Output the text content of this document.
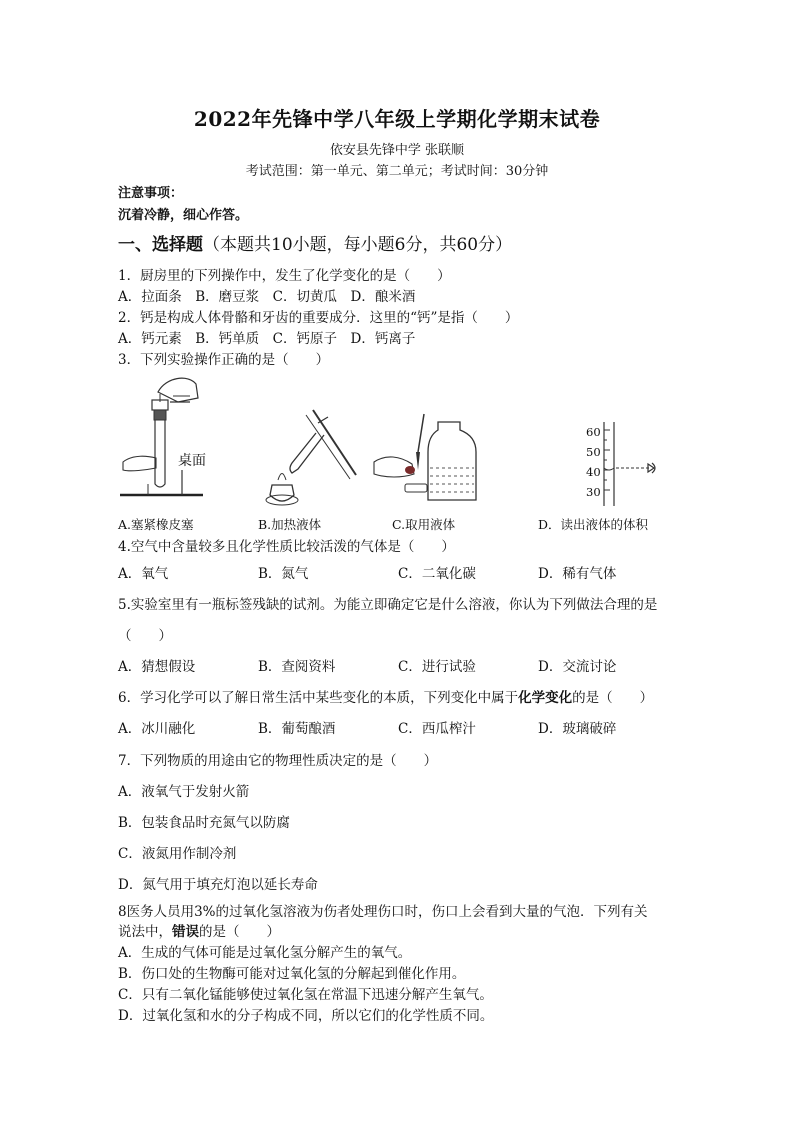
2022年先锋中学八年级上学期化学期末试卷
依安县先锋中学 张联顺
考试范围：第一单元、第二单元；考试时间：30分钟
注意事项：
沉着冷静，细心作答。
一、选择题（本题共10小题，每小题6分，共60分）
1．厨房里的下列操作中，发生了化学变化的是（　　）
A．拉面条　B．磨豆浆　C．切黄瓜　D．酿米酒
2．钙是构成人体骨骼和牙齿的重要成分．这里的“钙”是指（　　）
A．钙元素　B．钙单质　C．钙原子　D．钙离子
3．下列实验操作正确的是（　　）
桌面
60
50
40
30
A.塞紧橡皮塞	B.加热液体	C.取用液体	D．读出液体的体积
4.空气中含量较多且化学性质比较活泼的气体是（　　）
A．氧气	B．氮气	C．二氧化碳	D．稀有气体
5.实验室里有一瓶标签残缺的试剂。为能立即确定它是什么溶液，你认为下列做法合理的是
（　　）
A．猜想假设	B．查阅资料	C．进行试验	D．交流讨论
6．学习化学可以了解日常生活中某些变化的本质，下列变化中属于化学变化的是（　　）
A．冰川融化	B．葡萄酿酒	C．西瓜榨汁	D．玻璃破碎
7．下列物质的用途由它的物理性质决定的是（　　）
A．液氧气于发射火箭
B．包装食品时充氮气以防腐
C．液氮用作制冷剂
D．氮气用于填充灯泡以延长寿命
8医务人员用3%的过氧化氢溶液为伤者处理伤口时，伤口上会看到大量的气泡．下列有关
说法中，错误的是（　　）
A．生成的气体可能是过氧化氢分解产生的氧气。
B．伤口处的生物酶可能对过氧化氢的分解起到催化作用。
C．只有二氧化锰能够使过氧化氢在常温下迅速分解产生氧气。
D．过氧化氢和水的分子构成不同，所以它们的化学性质不同。
